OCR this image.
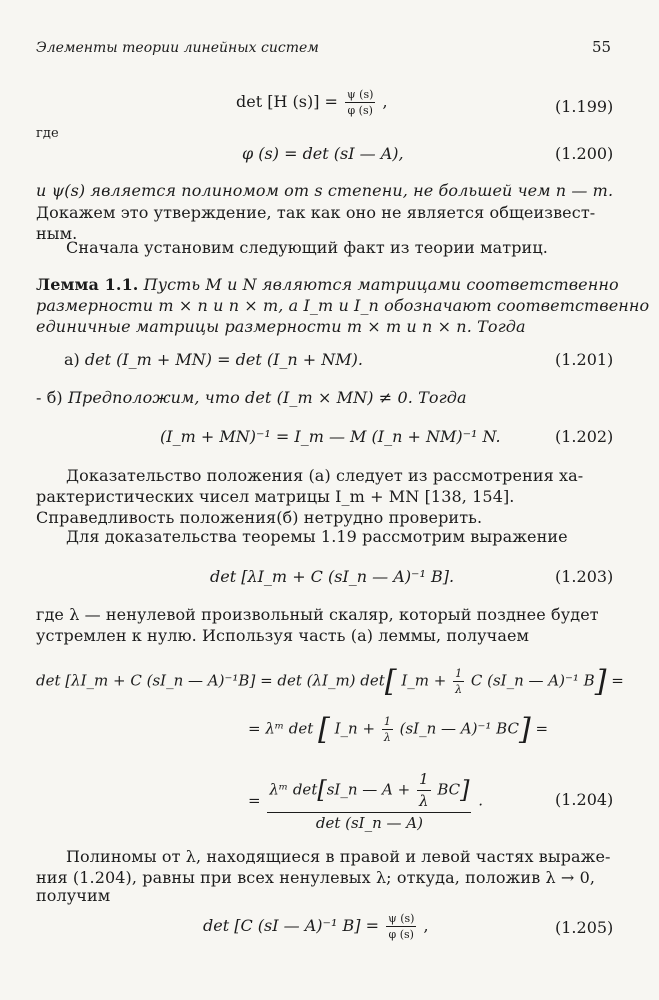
Элементы теории линейных систем	55
det [H $(s)] = \frac{\psi (s)}{\varphi (s)}$ ,	(1.199)
где
φ (s) = det (sI — A),	(1.200)
и ψ(s) является полиномом от s степени, не большей чем n — m.
Докажем это утверждение, так как оно не является общеизвест-
ным.
Сначала установим следующий факт из теории матриц.
Лемма 1.1. Пусть M и N являются матрицами соответственно
размерности m × n и n × m, а I_m и I_n обозначают соответственно
единичные матрицы размерности m × m и n × n. Тогда
а) det (I_m + MN) = det (I_n + NM).	(1.201)
- б) Предположим, что det (I_m × MN) ≠ 0. Тогда
(I_m + MN)⁻¹ = I_m — M (I_n + NM)⁻¹ N.	(1.202)
Доказательство положения (а) следует из рассмотрения ха-
рактеристических чисел матрицы I_m + MN [138, 154].
Справедливость положения(б) нетрудно проверить.
Для доказательства теоремы 1.19 рассмотрим выражение
det [λI_m + C (sI_n — A)⁻¹ B].	(1.203)
где λ — ненулевой произвольный скаляр, который позднее будет
устремлен к нулю. Используя часть (а) леммы, получаем
det [λI_m + C (sI_n — A)⁻¹B] = det (λI_m) det[ I_m + $\frac{1}{\lambda}$ C (sI_n — A)⁻¹ B] =
= λᵐ det [ I_n + $\frac{1}{\lambda}$ (sI_n — A)⁻¹ BC] =
=
λᵐ det[sI_n — $A + \frac{1}{\lambda} BC$]
det (sI_n — A)
.	(1.204)
Полиномы от λ, находящиеся в правой и левой частях выраже-
ния (1.204), равны при всех ненулевых λ; откуда, положив λ → 0,
получим
det [C (sI — A)⁻¹ $B] = \frac{\psi (s)}{\varphi (s)}$ ,	(1.205)
